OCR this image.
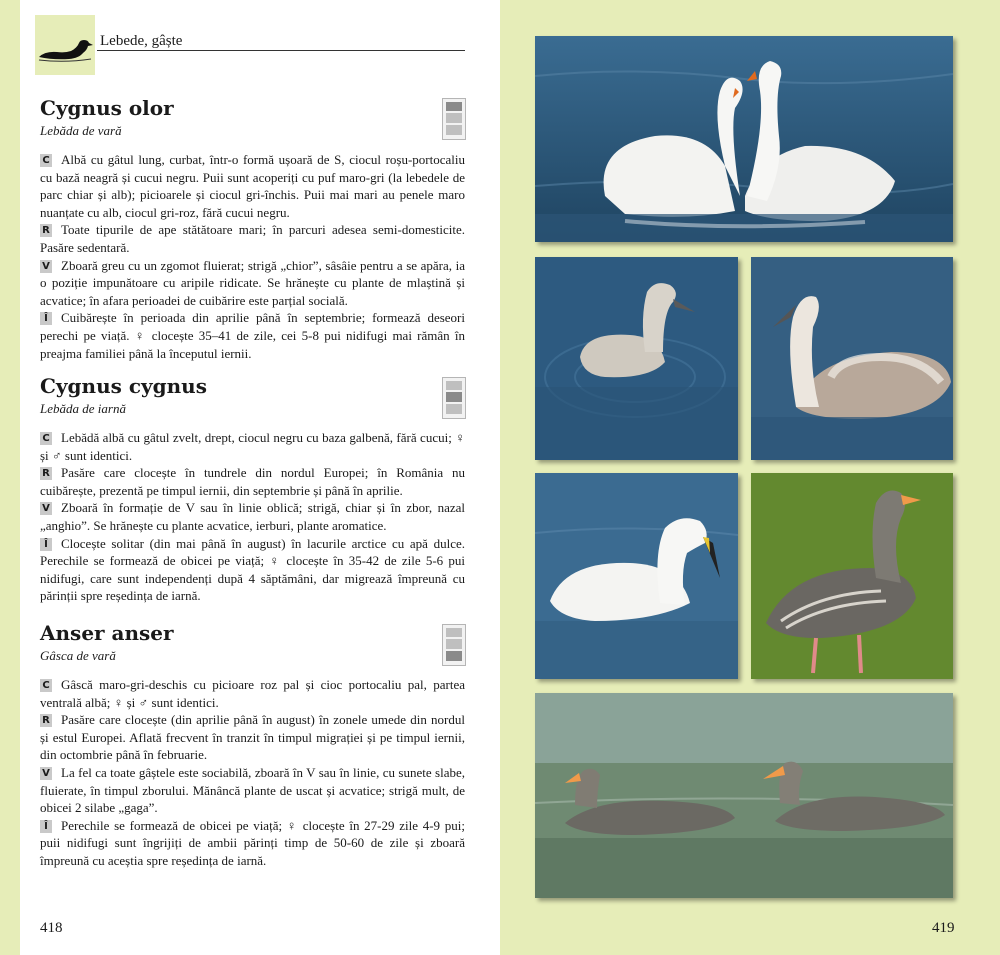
Lebede, gâște
Cygnus olor
Lebăda de vară

C Albă cu gâtul lung, curbat, într-o formă ușoară de S, ciocul roșu-portocaliu cu bază neagră și cucui negru. Puii sunt acoperiți cu puf maro-gri (la lebedele de parc chiar și alb); picioarele și ciocul gri-închis. Puii mai mari au penele maro nuanțate cu alb, ciocul gri-roz, fără cucui negru.

R Toate tipurile de ape stătătoare mari; în parcuri adesea semi-domesticite. Pasăre sedentară.

V Zboară greu cu un zgomot fluierat; strigă „chior”, sâsâie pentru a se apăra, ia o poziție impunătoare cu aripile ridicate. Se hrănește cu plante de mlaștină și acvatice; în afara perioadei de cuibărire este parțial socială.

Î Cuibărește în perioada din aprilie până în septembrie; formează deseori perechi pe viață. ♀ clocește 35–41 de zile, cei 5-8 pui nidifugi mai rămân în preajma familiei până la începutul iernii.

Cygnus cygnus
Lebăda de iarnă

C Lebădă albă cu gâtul zvelt, drept, ciocul negru cu baza galbenă, fără cucui; ♀ și ♂ sunt identici.

R Pasăre care clocește în tundrele din nordul Europei; în România nu cuibărește, prezentă pe timpul iernii, din septembrie și până în aprilie.

V Zboară în formație de V sau în linie oblică; strigă, chiar și în zbor, nazal „anghio”. Se hrănește cu plante acvatice, ierburi, plante aromatice.

Î Clocește solitar (din mai până în august) în lacurile arctice cu apă dulce. Perechile se formează de obicei pe viață; ♀ clocește în 35-42 de zile 5-6 pui nidifugi, care sunt independenți după 4 săptămâni, dar migrează împreună cu părinții spre reședința de iarnă.

Anser anser
Gâsca de vară

C Gâscă maro-gri-deschis cu picioare roz pal și cioc portocaliu pal, partea ventrală albă; ♀ și ♂ sunt identici.

R Pasăre care clocește (din aprilie până în august) în zonele umede din nordul și estul Europei. Aflată frecvent în tranzit în timpul migrației și pe timpul iernii, din octombrie până în februarie.

V La fel ca toate gâștele este sociabilă, zboară în V sau în linie, cu sunete slabe, fluierate, în timpul zborului. Mănâncă plante de uscat și acvatice; strigă mult, de obicei 2 silabe „gaga”.

Î Perechile se formează de obicei pe viață; ♀ clocește în 27-29 zile 4-9 pui; puii nidifugi sunt îngrijiți de ambii părinți timp de 50-60 de zile și zboară împreună cu aceștia spre reședința de iarnă.

418	419
